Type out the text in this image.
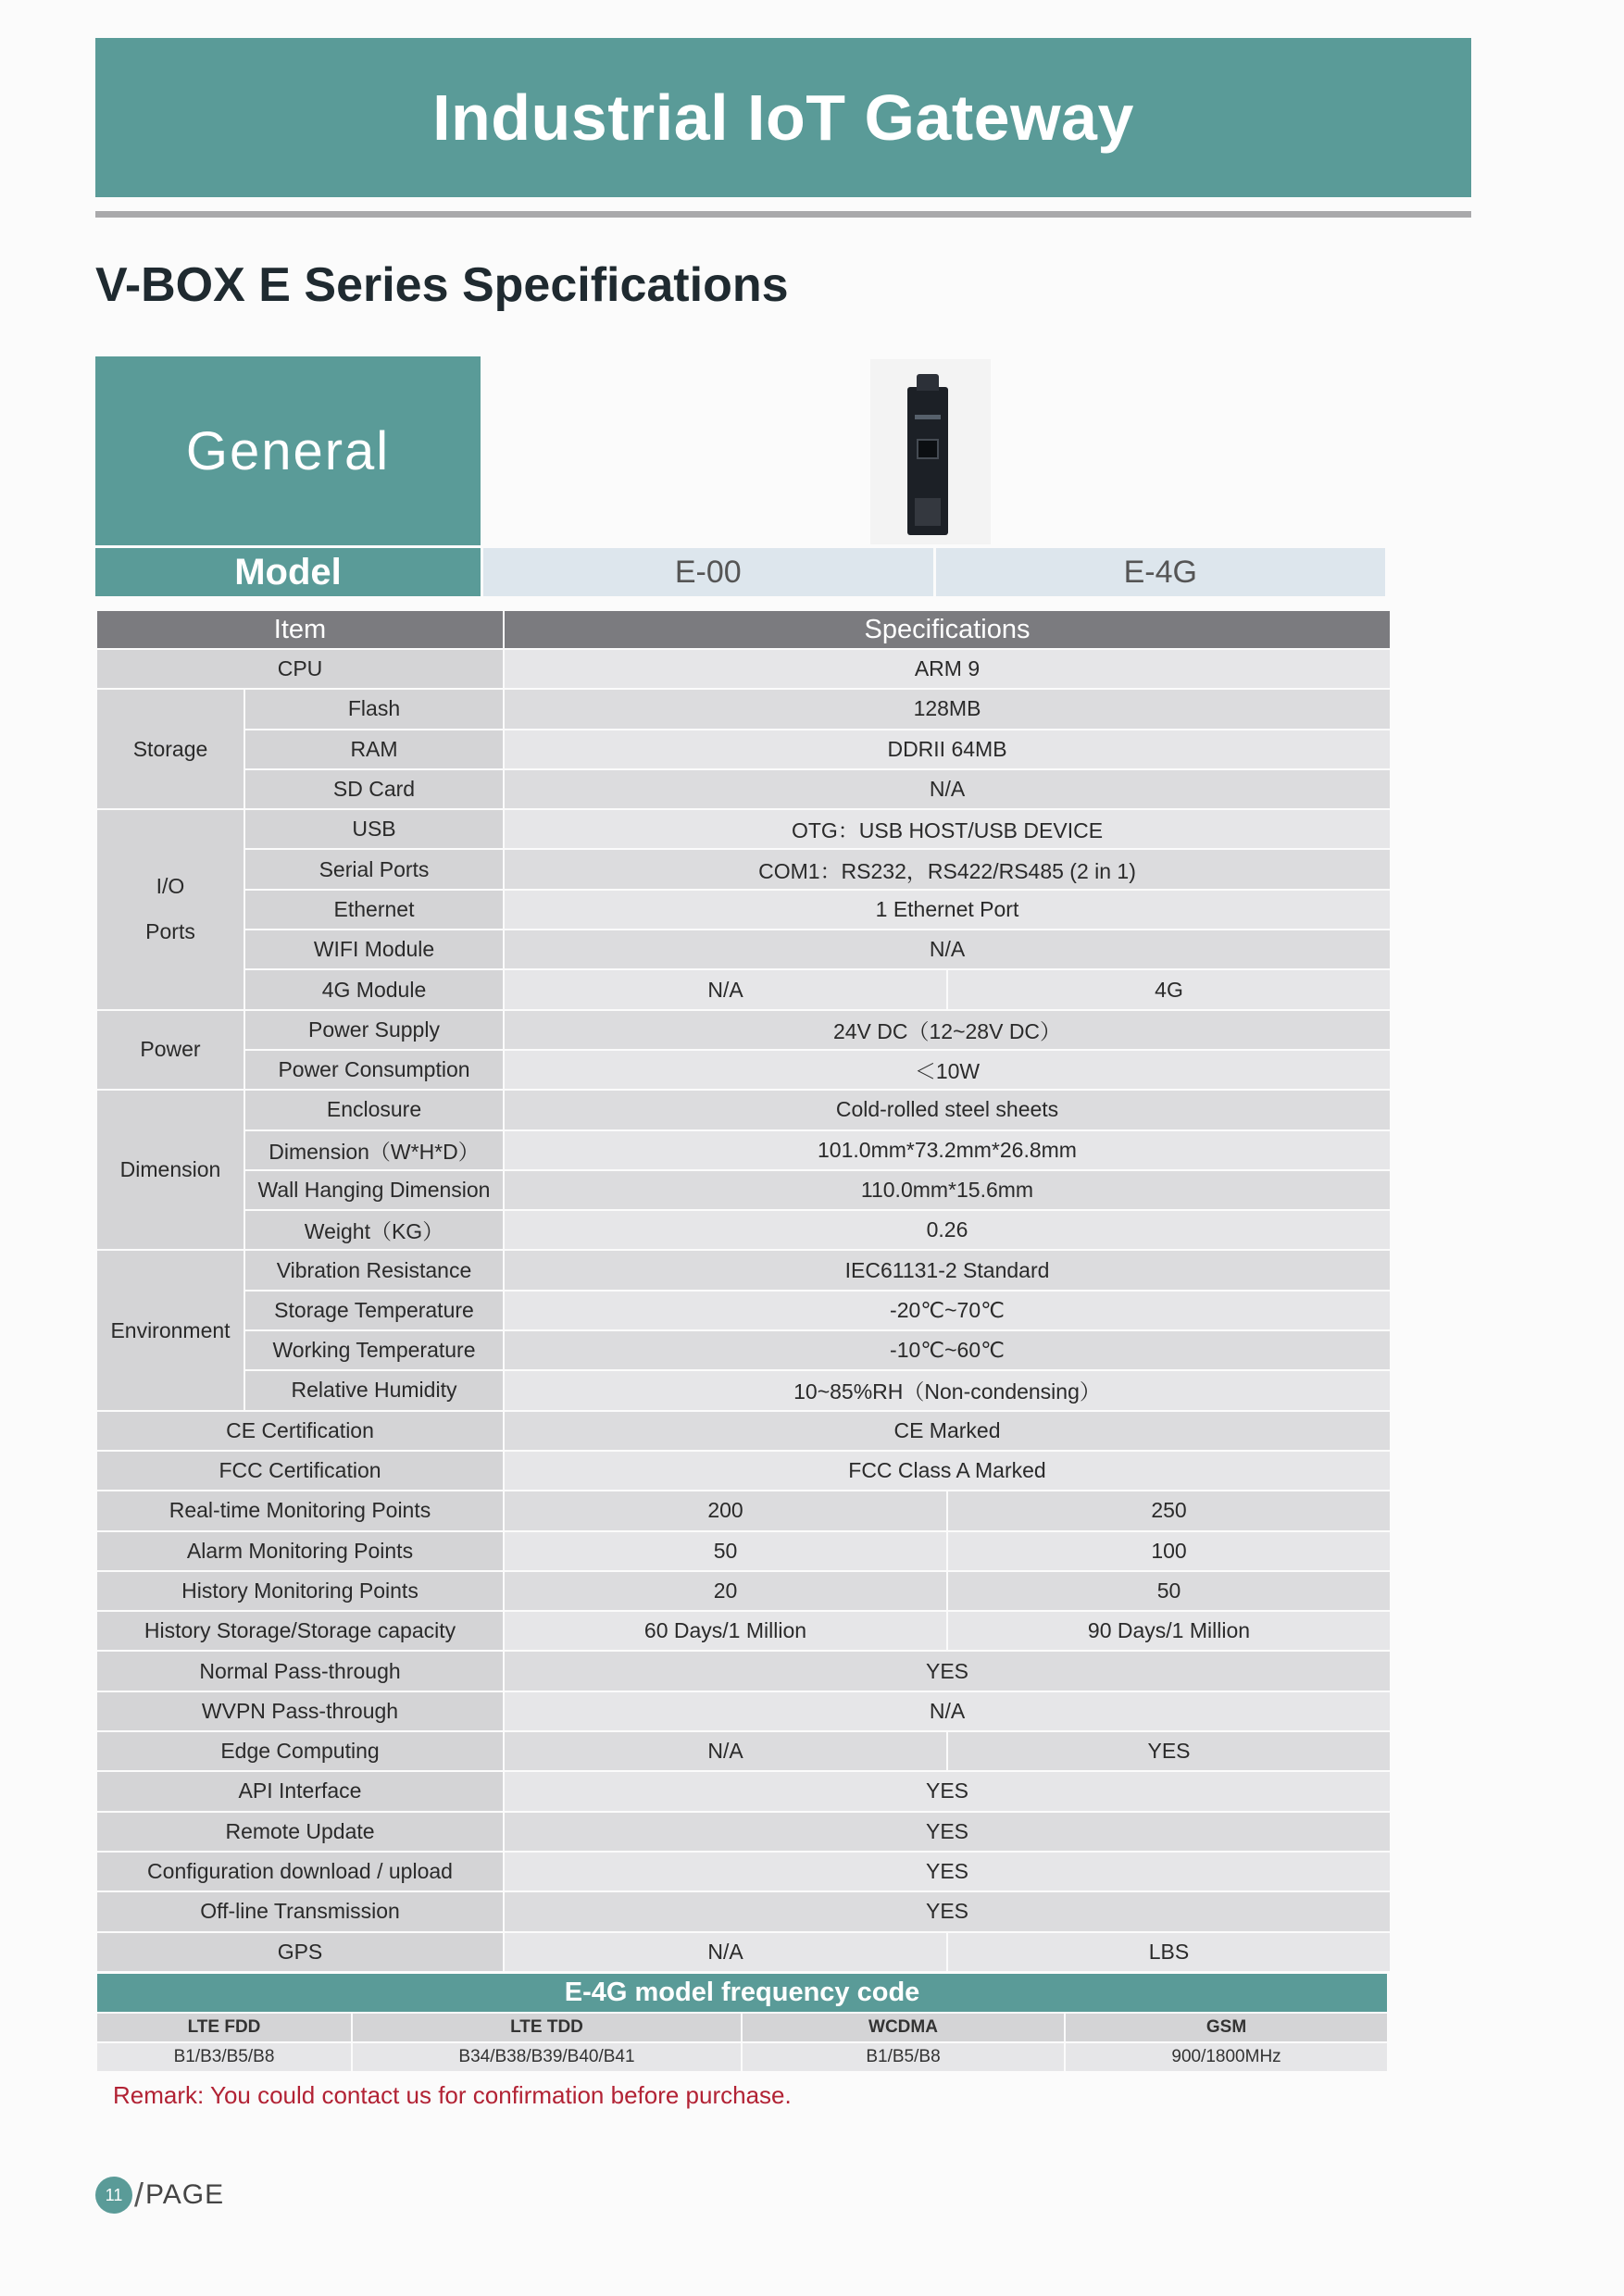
Industrial IoT Gateway
V-BOX E Series Specifications
General
Model	E-00	E-4G
Item		Specifications	
CPU		ARM 9	
Storage	Flash	128MB	
	RAM	DDRII 64MB	
	SD Card	N/A	

I/O
Ports	USB	OTG：USB HOST/USB DEVICE	
	Serial Ports	COM1：RS232，RS422/RS485 (2 in 1)	
	Ethernet	1 Ethernet Port	
	WIFI Module	N/A	
	4G Module	N/A	4G
Power	Power Supply	24V DC（12~28V DC）	
	Power Consumption	＜10W	
Dimension	Enclosure	Cold-rolled steel sheets	
	Dimension（W*H*D）	101.0mm*73.2mm*26.8mm	
	Wall Hanging Dimension	110.0mm*15.6mm	
	Weight（KG）	0.26	
Environment	Vibration Resistance	IEC61131-2 Standard	
	Storage Temperature	-20℃~70℃	
	Working Temperature	-10℃~60℃	
	Relative Humidity	10~85%RH（Non-condensing）	
CE Certification		CE Marked	
FCC Certification		FCC Class A Marked	
Real-time Monitoring Points		200	250
Alarm Monitoring Points		50	100
History Monitoring Points		20	50
History Storage/Storage capacity		60 Days/1 Million	90 Days/1 Million
Normal Pass-through		YES	
WVPN Pass-through		N/A	
Edge Computing		N/A	YES
API Interface		YES	
Remote Update		YES	
Configuration download / upload		YES	
Off-line Transmission		YES	
GPS		N/A	LBS
E-4G model frequency code			
LTE FDD	LTE TDD	WCDMA	GSM
B1/B3/B5/B8	B34/B38/B39/B40/B41	B1/B5/B8	900/1800MHz
Remark: You could contact us for confirmation before purchase.
11 / PAGE
